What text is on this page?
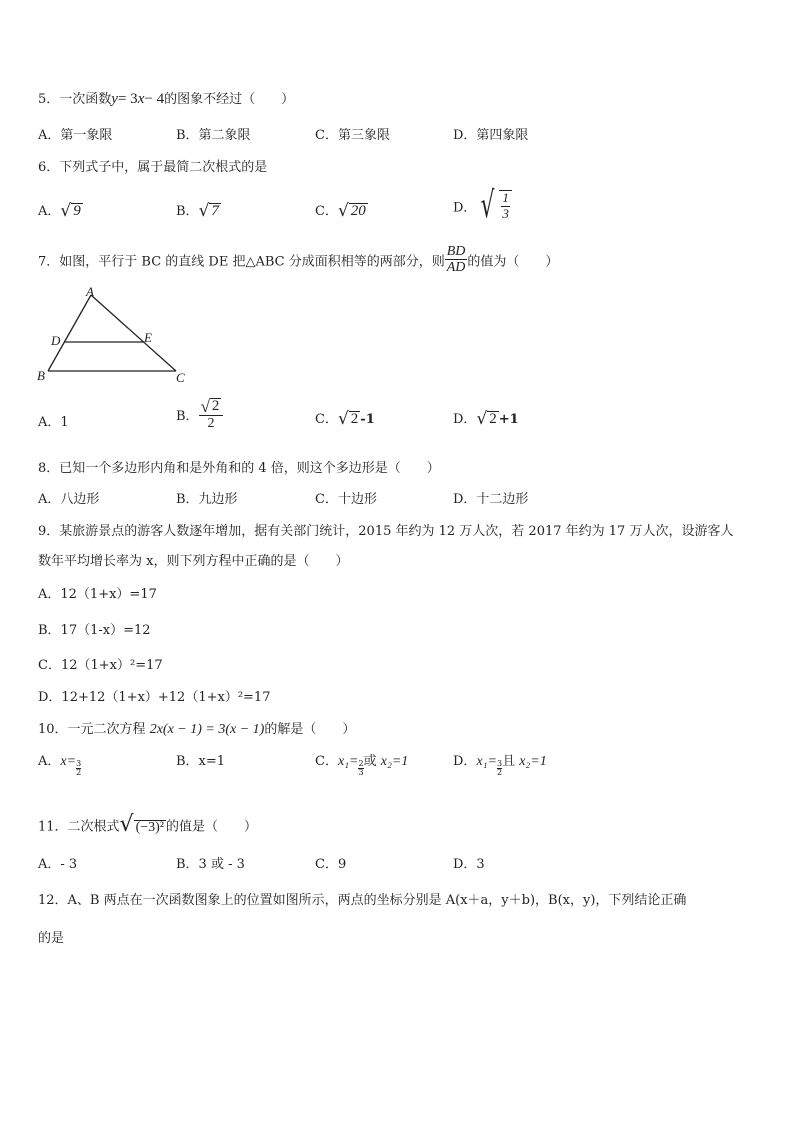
5．一次函数y= 3x− 4的图象不经过（　　）
A．第一象限	B．第二象限	C．第三象限	D．第四象限
6．下列式子中，属于最简二次根式的是
A． √ 9	B． √ 7	C． √ 20	D． √ $\frac{1}{3}$
7．如图，平行于 BC 的直线 DE 把△ABC 分成面积相等的两部分，则 $\frac{BD}{AD}$ 的值为（　　）
A
D	E
B	C
A．1	B． $\frac{√ 2}{2}$	C． √ 2 -1	D． √ 2 +1
8．已知一个多边形内角和是外角和的 4 倍，则这个多边形是（　　）
A．八边形	B．九边形	C．十边形	D．十二边形
9．某旅游景点的游客人数逐年增加，据有关部门统计，2015 年约为 12 万人次，若 2017 年约为 17 万人次，设游客人
数年平均增长率为 x，则下列方程中正确的是（　　）
A．12（1+x）=17
B．17（1-x）=12
C．12（1+x）²=17
D．12+12（1+x）+12（1+x）²=17
10．一元二次方程 2x(x − 1) = 3(x − 1)的解是（　　）
A．$x= \frac{3}{2}$	B．x=1	C．$x_1= \frac{2}{3}$ 或 x₂=1	D．$x_1= \frac{3}{2}$ 且 x₂=1
11．二次根式 √ (−3)² 的值是（　　）
A．- 3	B．3 或 - 3	C．9	D．3
12．A、B 两点在一次函数图象上的位置如图所示，两点的坐标分别是 A(x＋a，y＋b)，B(x，y)，下列结论正确
的是
